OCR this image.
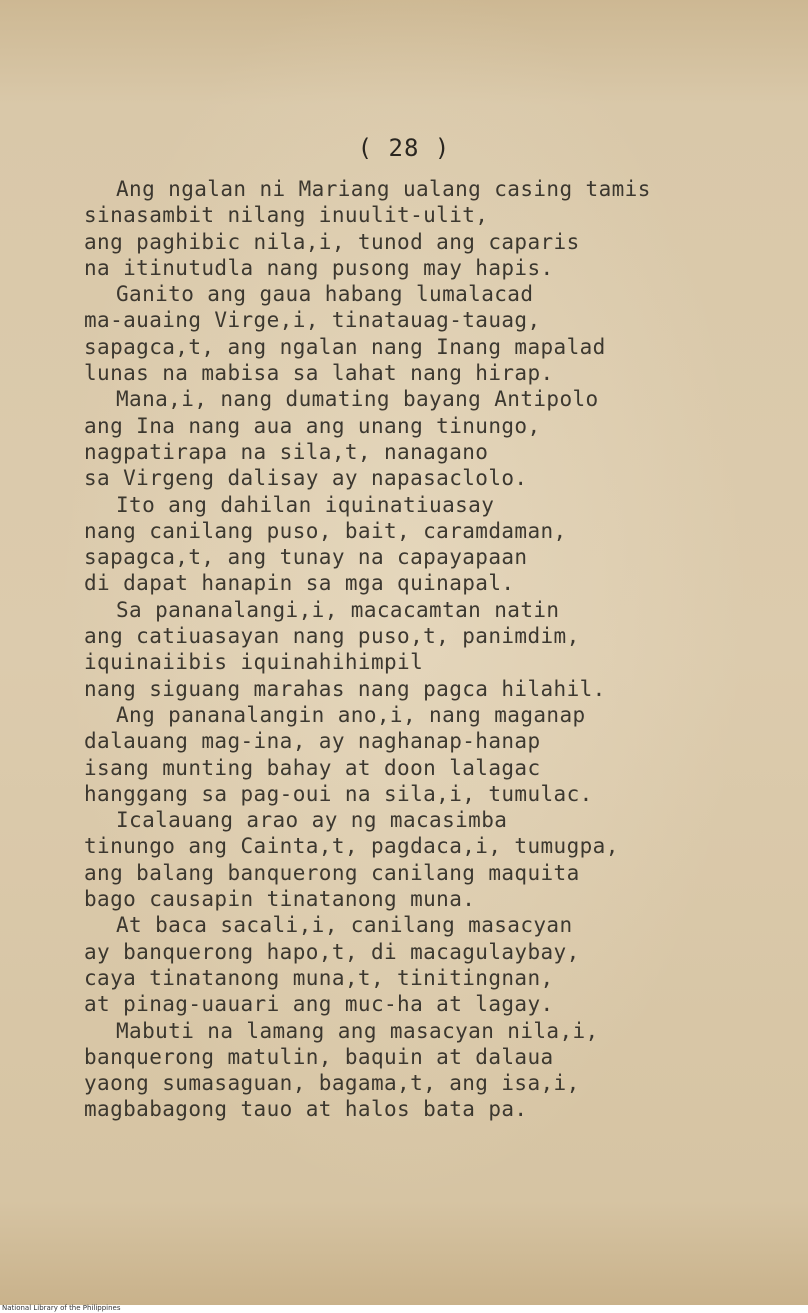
( 28 )
Ang ngalan ni Mariang ualang casing tamis
sinasambit nilang inuulit-ulit,
ang paghibic nila,i, tunod ang caparis
na itinutudla nang pusong may hapis.
Ganito ang gaua habang lumalacad
ma-auaing Virge,i, tinatauag-tauag,
sapagca,t, ang ngalan nang Inang mapalad
lunas na mabisa sa lahat nang hirap.
Mana,i, nang dumating bayang Antipolo
ang Ina nang aua ang unang tinungo,
nagpatirapa na sila,t, nanagano
sa Virgeng dalisay ay napasaclolo.
Ito ang dahilan iquinatiuasay
nang canilang puso, bait, caramdaman,
sapagca,t, ang tunay na capayapaan
di dapat hanapin sa mga quinapal.
Sa pananalangi,i, macacamtan natin
ang catiuasayan nang puso,t, panimdim,
iquinaiibis iquinahihimpil
nang siguang marahas nang pagca hilahil.
Ang pananalangin ano,i, nang maganap
dalauang mag-ina, ay naghanap-hanap
isang munting bahay at doon lalagac
hanggang sa pag-oui na sila,i, tumulac.
Icalauang arao ay ng macasimba
tinungo ang Cainta,t, pagdaca,i, tumugpa,
ang balang banquerong canilang maquita
bago causapin tinatanong muna.
At baca sacali,i, canilang masacyan
ay banquerong hapo,t, di macagulaybay,
caya tinatanong muna,t, tinitingnan,
at pinag-uauari ang muc-ha at lagay.
Mabuti na lamang ang masacyan nila,i,
banquerong matulin, baquin at dalaua
yaong sumasaguan, bagama,t, ang isa,i,
magbabagong tauo at halos bata pa.
National Library of the Philippines
